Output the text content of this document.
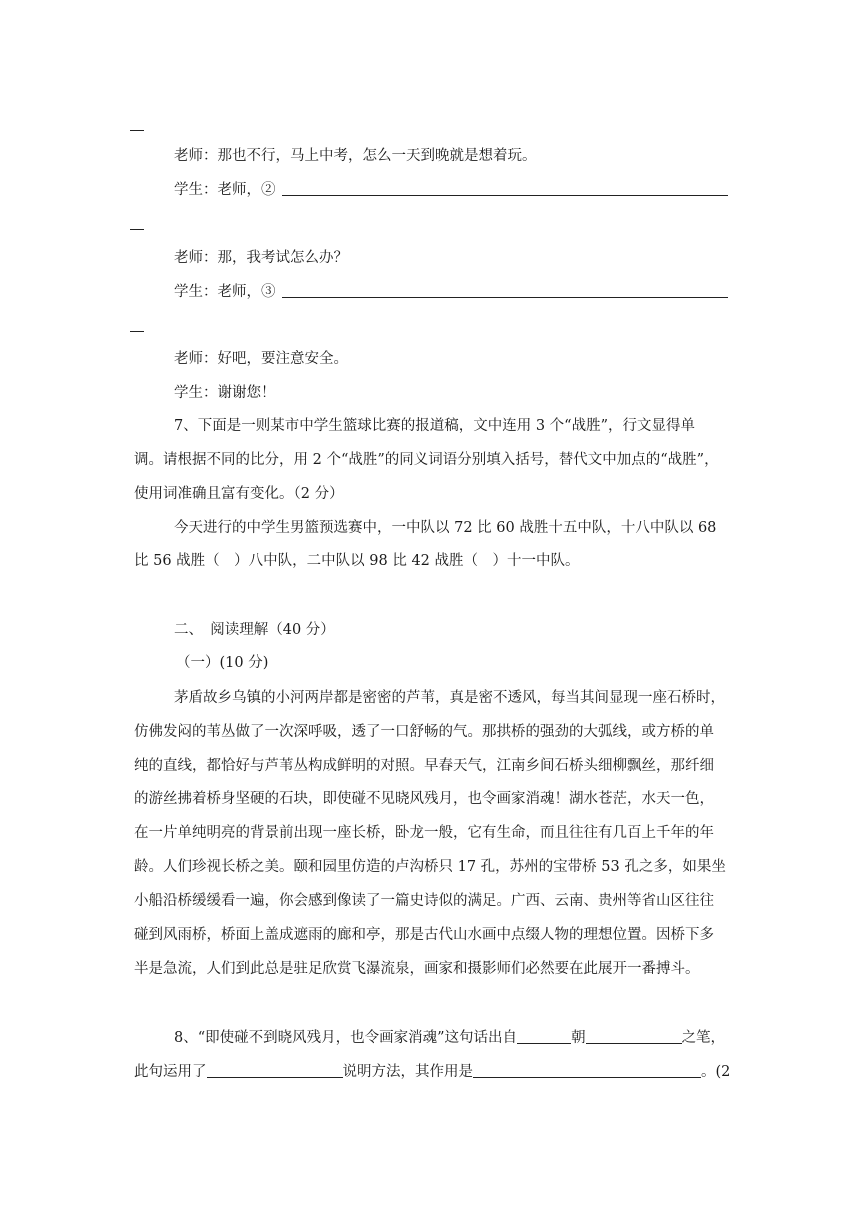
老师：那也不行，马上中考，怎么一天到晚就是想着玩。
学生：老师，②
老师：那，我考试怎么办？
学生：老师，③
老师：好吧，要注意安全。
学生：谢谢您！
7、下面是一则某市中学生篮球比赛的报道稿，文中连用 3 个“战胜”，行文显得单
调。请根据不同的比分，用 2 个“战胜”的同义词语分别填入括号，替代文中加点的“战胜”，
使用词准确且富有变化。（2 分）
今天进行的中学生男篮预选赛中，一中队以 72 比 60 战胜十五中队，十八中队以 68
比 56 战胜（　）八中队，二中队以 98 比 42 战胜（　）十一中队。
二、　阅读理解（40 分）
（一）(10 分)
茅盾故乡乌镇的小河两岸都是密密的芦苇，真是密不透风，每当其间显现一座石桥时，
仿佛发闷的苇丛做了一次深呼吸，透了一口舒畅的气。那拱桥的强劲的大弧线，或方桥的单
纯的直线，都恰好与芦苇丛构成鲜明的对照。早春天气，江南乡间石桥头细柳飘丝，那纤细
的游丝拂着桥身坚硬的石块，即使碰不见晓风残月，也令画家消魂！湖水苍茫，水天一色，
在一片单纯明亮的背景前出现一座长桥，卧龙一般，它有生命，而且往往有几百上千年的年
龄。人们珍视长桥之美。颐和园里仿造的卢沟桥只 17 孔，苏州的宝带桥 53 孔之多，如果坐
小船沿桥缓缓看一遍，你会感到像读了一篇史诗似的满足。广西、云南、贵州等省山区往往
碰到风雨桥，桥面上盖成遮雨的廊和亭，那是古代山水画中点缀人物的理想位置。因桥下多
半是急流，人们到此总是驻足欣赏飞瀑流泉，画家和摄影师们必然要在此展开一番搏斗。
8、“即使碰不到晓风残月，也令画家消魂”这句话出自	朝	之笔，
此句运用了	说明方法，其作用是	。(2
